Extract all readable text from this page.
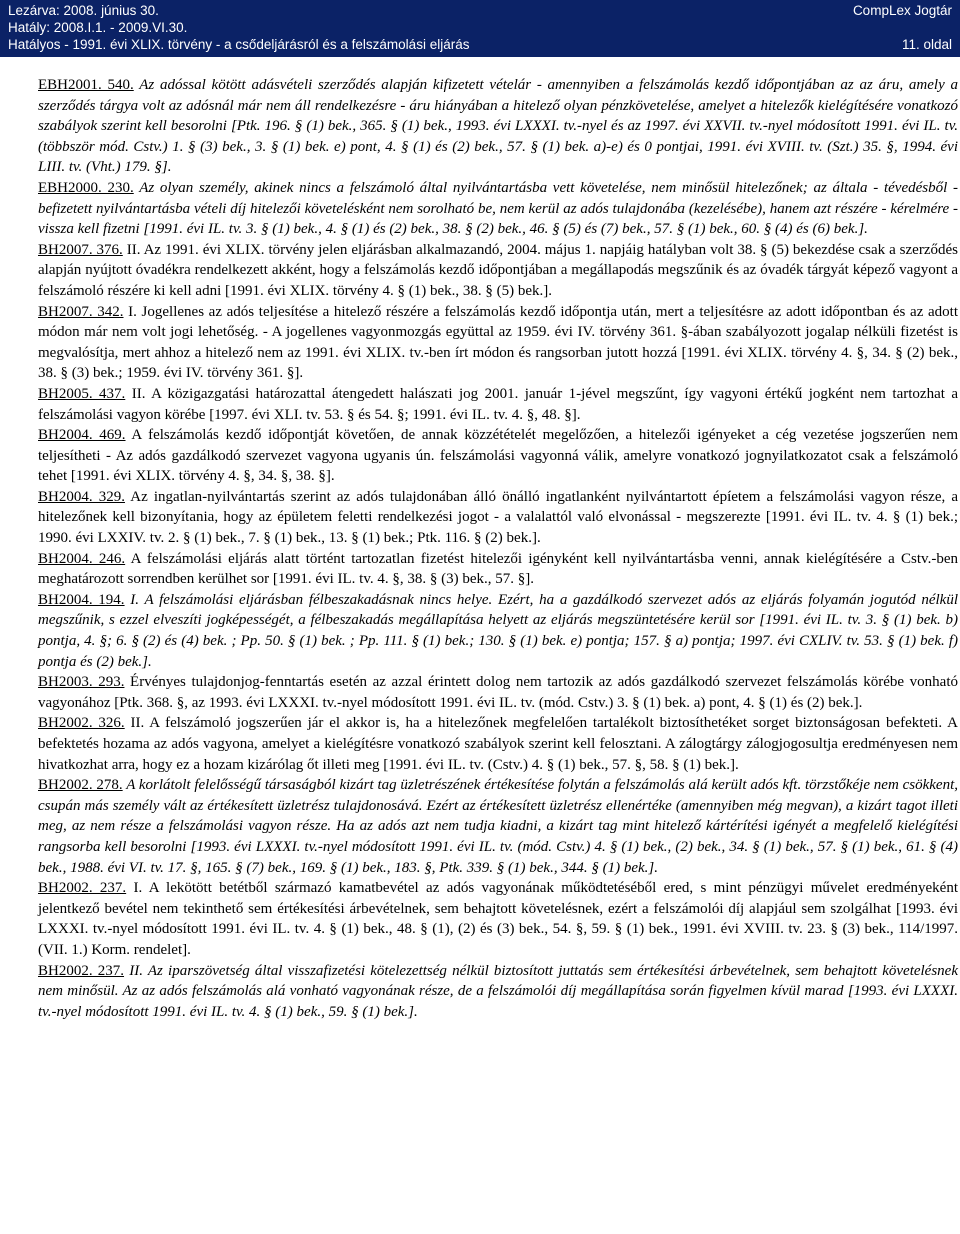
Lezárva: 2008. június 30.
Hatály: 2008.I.1. - 2009.VI.30.
Hatályos - 1991. évi XLIX. törvény - a csődeljárásról és a felszámolási eljárás
CompLex Jogtár
11. oldal

EBH2001. 540. Az adóssal kötött adásvételi szerződés alapján kifizetett vételár - amennyiben a felszámolás kezdő időpontjában az az áru, amely a szerződés tárgya volt az adósnál már nem áll rendelkezésre - áru hiányában a hitelező olyan pénzkövetelése, amelyet a hitelezők kielégítésére vonatkozó szabályok szerint kell besorolni [Ptk. 196. § (1) bek., 365. § (1) bek., 1993. évi LXXXI. tv.-nyel és az 1997. évi XXVII. tv.-nyel módosított 1991. évi IL. tv. (többször mód. Cstv.) 1. § (3) bek., 3. § (1) bek. e) pont, 4. § (1) és (2) bek., 57. § (1) bek. a)-e) és 0 pontjai, 1991. évi XVIII. tv. (Szt.) 35. §, 1994. évi LIII. tv. (Vht.) 179. §].

EBH2000. 230. Az olyan személy, akinek nincs a felszámoló által nyilvántartásba vett követelése, nem minősül hitelezőnek; az általa - tévedésből - befizetett nyilvántartásba vételi díj hitelezői követelésként nem sorolható be, nem kerül az adós tulajdonába (kezelésébe), hanem azt részére - kérelmére - vissza kell fizetni [1991. évi IL. tv. 3. § (1) bek., 4. § (1) és (2) bek., 38. § (2) bek., 46. § (5) és (7) bek., 57. § (1) bek., 60. § (4) és (6) bek.].

BH2007. 376. II. Az 1991. évi XLIX. törvény jelen eljárásban alkalmazandó, 2004. május 1. napjáig hatályban volt 38. § (5) bekezdése csak a szerződés alapján nyújtott óvadékra rendelkezett akként, hogy a felszámolás kezdő időpontjában a megállapodás megszűnik és az óvadék tárgyát képező vagyont a felszámoló részére ki kell adni [1991. évi XLIX. törvény 4. § (1) bek., 38. § (5) bek.].

BH2007. 342. I. Jogellenes az adós teljesítése a hitelező részére a felszámolás kezdő időpontja után, mert a teljesítésre az adott időpontban és az adott módon már nem volt jogi lehetőség. - A jogellenes vagyonmozgás együttal az 1959. évi IV. törvény 361. §-ában szabályozott jogalap nélküli fizetést is megvalósítja, mert ahhoz a hitelező nem az 1991. évi XLIX. tv.-ben írt módon és rangsorban jutott hozzá [1991. évi XLIX. törvény 4. §, 34. § (2) bek., 38. § (3) bek.; 1959. évi IV. törvény 361. §].

BH2005. 437. II. A közigazgatási határozattal átengedett halászati jog 2001. január 1-jével megszűnt, így vagyoni értékű jogként nem tartozhat a felszámolási vagyon körébe [1997. évi XLI. tv. 53. § és 54. §; 1991. évi IL. tv. 4. §, 48. §].

BH2004. 469. A felszámolás kezdő időpontját követően, de annak közzétételét megelőzően, a hitelezői igényeket a cég vezetése jogszerűen nem teljesítheti - Az adós gazdálkodó szervezet vagyona ugyanis ún. felszámolási vagyonná válik, amelyre vonatkozó jognyilatkozatot csak a felszámoló tehet [1991. évi XLIX. törvény 4. §, 34. §, 38. §].

BH2004. 329. Az ingatlan-nyilvántartás szerint az adós tulajdonában álló önálló ingatlanként nyilvántartott épíetem a felszámolási vagyon része, a hitelezőnek kell bizonyítania, hogy az épületem feletti rendelkezési jogot - a valalattól való elvonással - megszerezte [1991. évi IL. tv. 4. § (1) bek.; 1990. évi LXXIV. tv. 2. § (1) bek., 7. § (1) bek., 13. § (1) bek.; Ptk. 116. § (2) bek.].

BH2004. 246. A felszámolási eljárás alatt történt tartozatlan fizetést hitelezői igényként kell nyilvántartásba venni, annak kielégítésére a Cstv.-ben meghatározott sorrendben kerülhet sor [1991. évi IL. tv. 4. §, 38. § (3) bek., 57. §].

BH2004. 194. I. A felszámolási eljárásban félbeszakadásnak nincs helye. Ezért, ha a gazdálkodó szervezet adós az eljárás folyamán jogutód nélkül megszűnik, s ezzel elveszíti jogképességét, a félbeszakadás megállapítása helyett az eljárás megszüntetésére kerül sor [1991. évi IL. tv. 3. § (1) bek. b) pontja, 4. §; 6. § (2) és (4) bek. ; Pp. 50. § (1) bek. ; Pp. 111. § (1) bek.; 130. § (1) bek. e) pontja; 157. § a) pontja; 1997. évi CXLIV. tv. 53. § (1) bek. f) pontja és (2) bek.].

BH2003. 293. Érvényes tulajdonjog-fenntartás esetén az azzal érintett dolog nem tartozik az adós gazdálkodó szervezet felszámolás körébe vonható vagyonához [Ptk. 368. §, az 1993. évi LXXXI. tv.-nyel módosított 1991. évi IL. tv. (mód. Cstv.) 3. § (1) bek. a) pont, 4. § (1) és (2) bek.].

BH2002. 326. II. A felszámoló jogszerűen jár el akkor is, ha a hitelezőnek megfelelően tartalékolt biztosíthetéket sorget biztonságosan befekteti. A befektetés hozama az adós vagyona, amelyet a kielégítésre vonatkozó szabályok szerint kell felosztani. A zálogtárgy zálogjogosultja eredményesen nem hivatkozhat arra, hogy ez a hozam kizárólag őt illeti meg [1991. évi IL. tv. (Cstv.) 4. § (1) bek., 57. §, 58. § (1) bek.].

BH2002. 278. A korlátolt felelősségű társaságból kizárt tag üzletrészének értékesítése folytán a felszámolás alá került adós kft. törzstőkéje nem csökkent, csupán más személy vált az értékesített üzletrész tulajdonosává. Ezért az értékesített üzletrész ellenértéke (amennyiben még megvan), a kizárt tagot illeti meg, az nem része a felszámolási vagyon része. Ha az adós azt nem tudja kiadni, a kizárt tag mint hitelező kártérítési igényét a megfelelő kielégítési rangsorba kell besorolni [1993. évi LXXXI. tv.-nyel módosított 1991. évi IL. tv. (mód. Cstv.) 4. § (1) bek., (2) bek., 34. § (1) bek., 57. § (1) bek., 61. § (4) bek., 1988. évi VI. tv. 17. §, 165. § (7) bek., 169. § (1) bek., 183. §, Ptk. 339. § (1) bek., 344. § (1) bek.].

BH2002. 237. I. A lekötött betétből származó kamatbevétel az adós vagyonának működtetéséből ered, s mint pénzügyi művelet eredményeként jelentkező bevétel nem tekinthető sem értékesítési árbevételnek, sem behajtott követelésnek, ezért a felszámolói díj alapjául sem szolgálhat [1993. évi LXXXI. tv.-nyel módosított 1991. évi IL. tv. 4. § (1) bek., 48. § (1), (2) és (3) bek., 54. §, 59. § (1) bek., 1991. évi XVIII. tv. 23. § (3) bek., 114/1997. (VII. 1.) Korm. rendelet].

BH2002. 237. II. Az iparszövetség által visszafizetési kötelezettség nélkül biztosított juttatás sem értékesítési árbevételnek, sem behajtott követelésnek nem minősül. Az az adós felszámolás alá vonható vagyonának része, de a felszámolói díj megállapítása során figyelmen kívül marad [1993. évi LXXXI. tv.-nyel módosított 1991. évi IL. tv. 4. § (1) bek., 59. § (1) bek.].
